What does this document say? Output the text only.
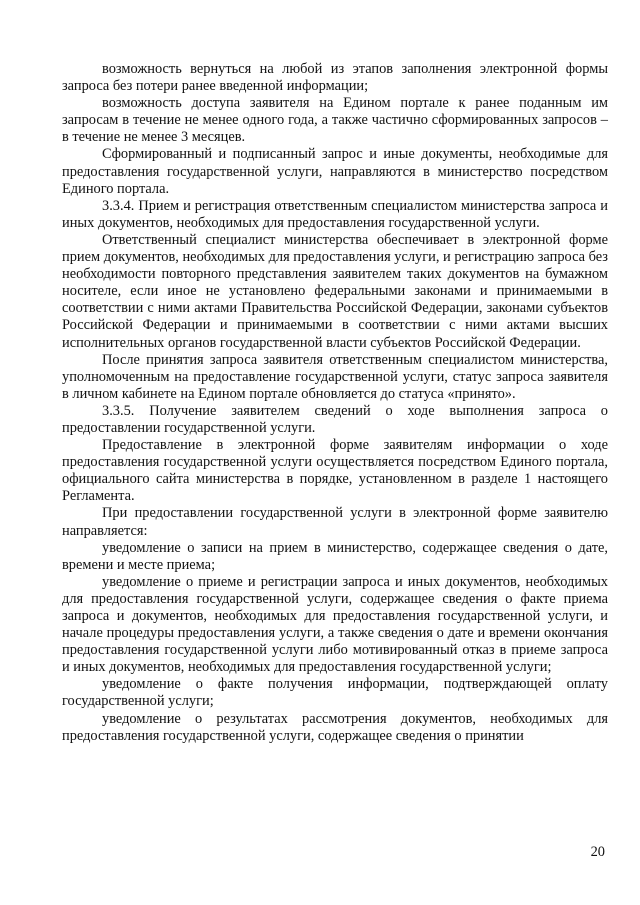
возможность вернуться на любой из этапов заполнения электронной формы запроса без потери ранее введенной информации;

возможность доступа заявителя на Едином портале к ранее поданным им запросам в течение не менее одного года, а также частично сформированных запросов – в течение не менее 3 месяцев.

Сформированный и подписанный запрос и иные документы, необходимые для предоставления государственной услуги, направляются в министерство посредством Единого портала.

3.3.4. Прием и регистрация ответственным специалистом министерства запроса и иных документов, необходимых для предоставления государственной услуги.

Ответственный специалист министерства обеспечивает в электронной форме прием документов, необходимых для предоставления услуги, и регистрацию запроса без необходимости повторного представления заявителем таких документов на бумажном носителе, если иное не установлено федеральными законами и принимаемыми в соответствии с ними актами Правительства Российской Федерации, законами субъектов Российской Федерации и принимаемыми в соответствии с ними актами высших исполнительных органов государственной власти субъектов Российской Федерации.

После принятия запроса заявителя ответственным специалистом министерства, уполномоченным на предоставление государственной услуги, статус запроса заявителя в личном кабинете на Едином портале обновляется до статуса «принято».

3.3.5. Получение заявителем сведений о ходе выполнения запроса о предоставлении государственной услуги.

Предоставление в электронной форме заявителям информации о ходе предоставления государственной услуги осуществляется посредством Единого портала, официального сайта министерства в порядке, установленном в разделе 1 настоящего Регламента.

При предоставлении государственной услуги в электронной форме заявителю направляется:

уведомление о записи на прием в министерство, содержащее сведения о дате, времени и месте приема;

уведомление о приеме и регистрации запроса и иных документов, необходимых для предоставления государственной услуги, содержащее сведения о факте приема запроса и документов, необходимых для предоставления государственной услуги, и начале процедуры предоставления услуги, а также сведения о дате и времени окончания предоставления государственной услуги либо мотивированный отказ в приеме запроса и иных документов, необходимых для предоставления государственной услуги;

уведомление о факте получения информации, подтверждающей оплату государственной услуги;

уведомление о результатах рассмотрения документов, необходимых для предоставления государственной услуги, содержащее сведения о принятии

20
